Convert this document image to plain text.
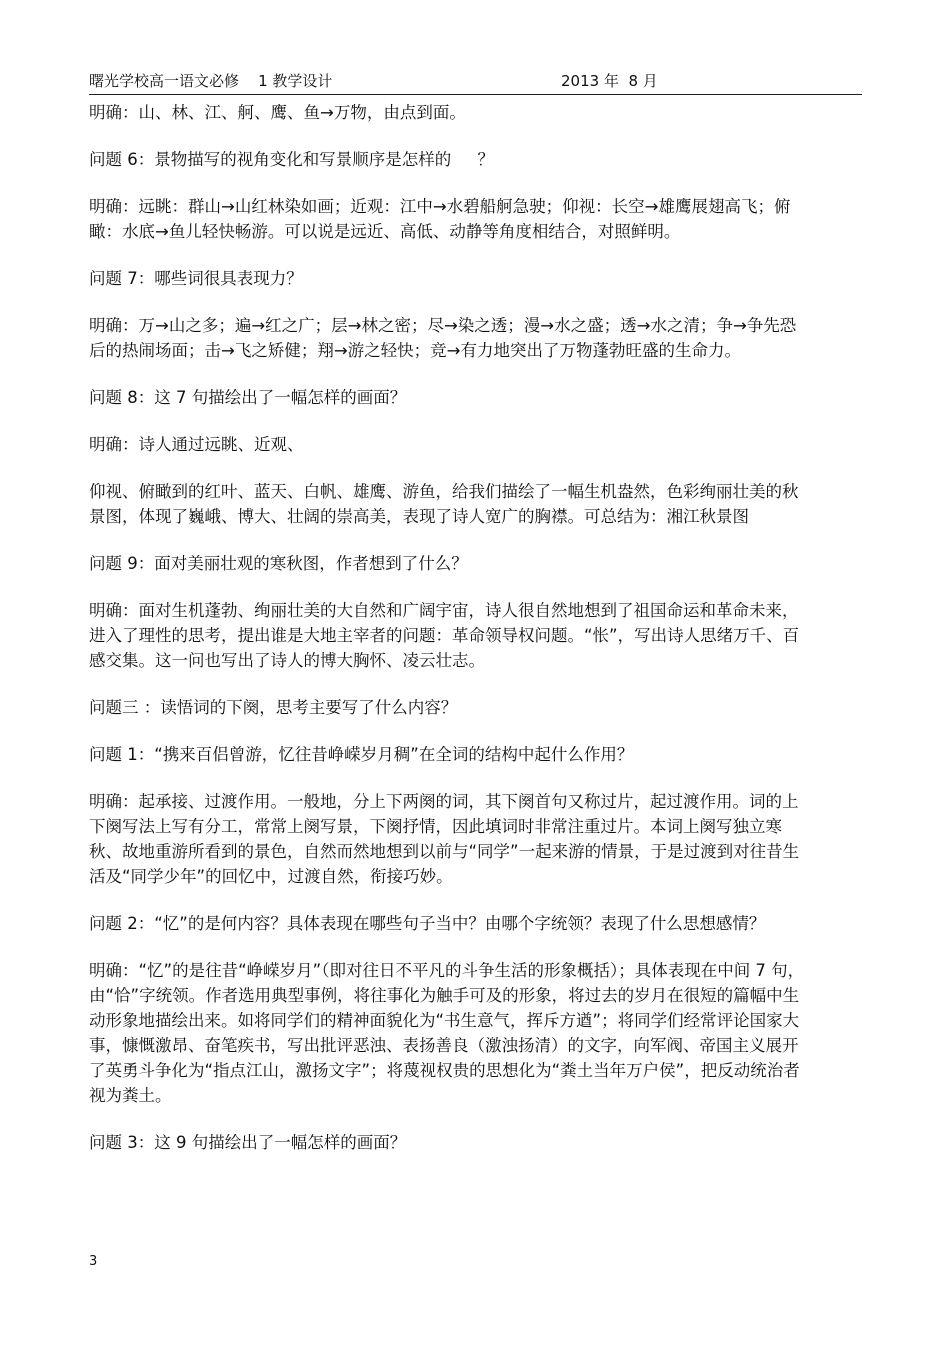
曙光学校高一语文必修    1 教学设计	2013 年  8 月

明确：山、林、江、舸、鹰、鱼→万物，由点到面。

问题 6：景物描写的视角变化和写景顺序是怎样的     ？

明确：远眺：群山→山红林染如画；近观：江中→水碧船舸急驶；仰视：长空→雄鹰展翅高飞；俯瞰：水底→鱼儿轻快畅游。可以说是远近、高低、动静等角度相结合，对照鲜明。

问题 7：哪些词很具表现力？

明确：万→山之多；遍→红之广；层→林之密；尽→染之透；漫→水之盛；透→水之清；争→争先恐后的热闹场面；击→飞之矫健；翔→游之轻快；竞→有力地突出了万物蓬勃旺盛的生命力。

问题 8：这 7 句描绘出了一幅怎样的画面？

明确：诗人通过远眺、近观、

仰视、俯瞰到的红叶、蓝天、白帆、雄鹰、游鱼，给我们描绘了一幅生机盎然，色彩绚丽壮美的秋景图，体现了巍峨、博大、壮阔的崇高美，表现了诗人宽广的胸襟。可总结为：湘江秋景图

问题 9：面对美丽壮观的寒秋图，作者想到了什么？

明确：面对生机蓬勃、绚丽壮美的大自然和广阔宇宙，诗人很自然地想到了祖国命运和革命未来，进入了理性的思考，提出谁是大地主宰者的问题：革命领导权问题。“怅”，写出诗人思绪万千、百感交集。这一问也写出了诗人的博大胸怀、凌云壮志。

问题三 ：读悟词的下阕，思考主要写了什么内容？

问题 1：“携来百侣曾游，忆往昔峥嵘岁月稠”在全词的结构中起什么作用？

明确：起承接、过渡作用。一般地，分上下两阕的词，其下阕首句又称过片，起过渡作用。词的上下阕写法上写有分工，常常上阕写景，下阕抒情，因此填词时非常注重过片。本词上阕写独立寒秋、故地重游所看到的景色，自然而然地想到以前与“同学”一起来游的情景，于是过渡到对往昔生活及“同学少年”的回忆中，过渡自然，衔接巧妙。

问题 2：“忆”的是何内容？具体表现在哪些句子当中？由哪个字统领？表现了什么思想感情？

明确：“忆”的是往昔“峥嵘岁月”（即对往日不平凡的斗争生活的形象概括）；具体表现在中间 7 句，由“恰”字统领。作者选用典型事例，将往事化为触手可及的形象，将过去的岁月在很短的篇幅中生动形象地描绘出来。如将同学们的精神面貌化为“书生意气，挥斥方遒”；将同学们经常评论国家大事，慷慨激昂、奋笔疾书，写出批评恶浊、表扬善良（激浊扬清）的文字，向军阀、帝国主义展开了英勇斗争化为“指点江山，激扬文字”；将蔑视权贵的思想化为“粪土当年万户侯”，把反动统治者视为粪土。

问题 3：这 9 句描绘出了一幅怎样的画面？

3
